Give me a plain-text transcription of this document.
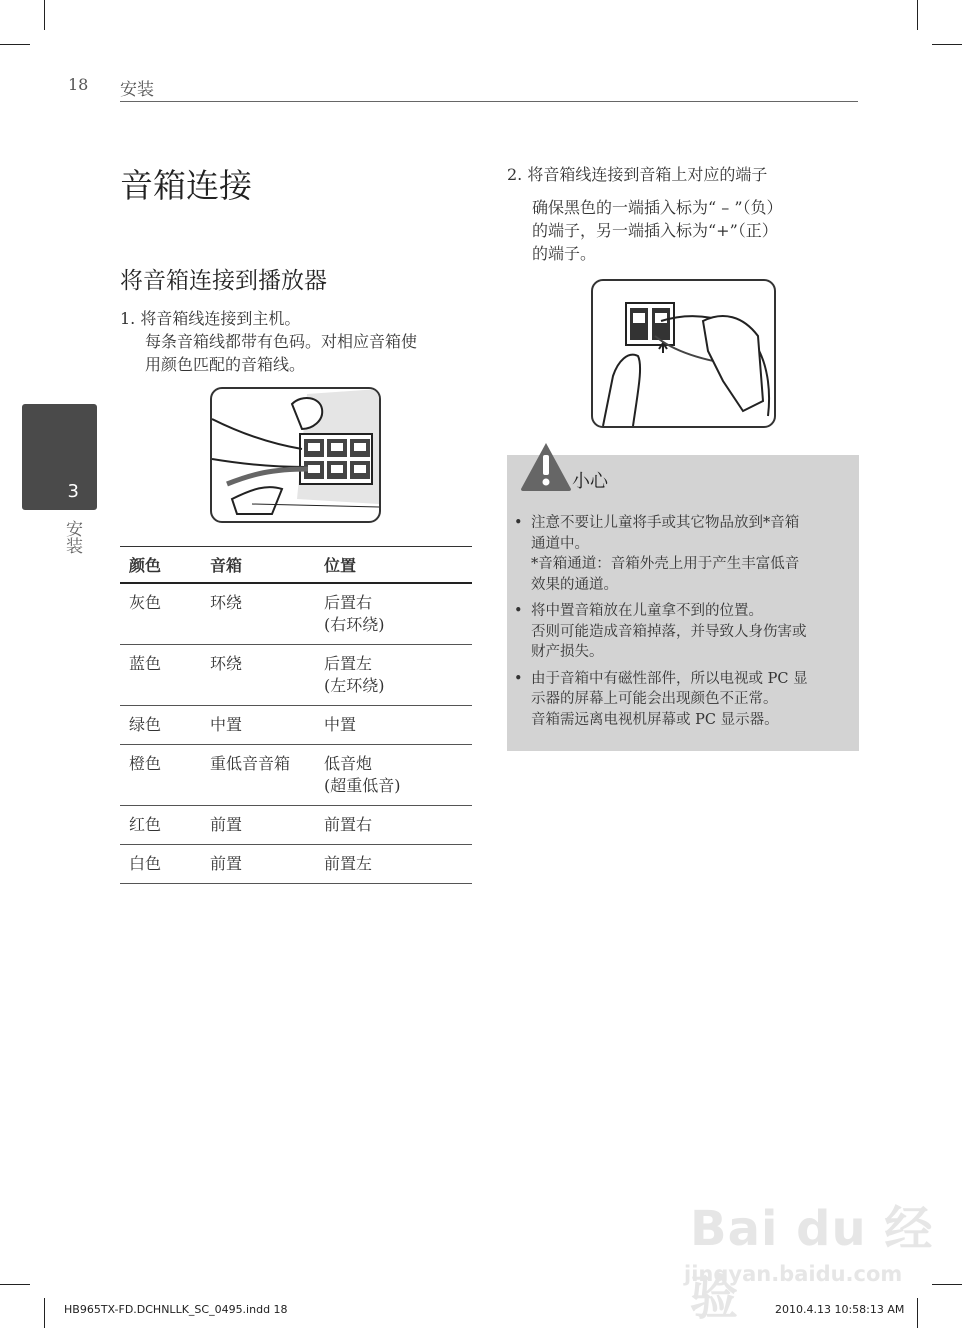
18 安装
3
安装
音箱连接
将音箱连接到播放器
1. 将音箱线连接到主机。
每条音箱线都带有色码。对相应音箱使
用颜色匹配的音箱线。
颜色	音箱	位置
灰色	环绕	后置右
(右环绕)

蓝色	环绕	后置左
(左环绕)

绿色	中置	中置

橙色	重低音音箱	低音炮
(超重低音)

红色	前置	前置右

白色	前置	前置左
2. 将音箱线连接到音箱上对应的端子
确保黑色的一端插入标为“ – ”（负）
的端子，另一端插入标为“+”（正）
的端子。
小心
• 注意不要让儿童将手或其它物品放到*音箱
通道中。
*音箱通道：音箱外壳上用于产生丰富低音
效果的通道。
• 将中置音箱放在儿童拿不到的位置。
否则可能造成音箱掉落，并导致人身伤害或
财产损失。
• 由于音箱中有磁性部件，所以电视或 PC 显
示器的屏幕上可能会出现颜色不正常。
音箱需远离电视机屏幕或 PC 显示器。
Bai du 经验
jingyan.baidu.com
HB965TX-FD.DCHNLLK_SC_0495.indd 18	2010.4.13 10:58:13 AM
